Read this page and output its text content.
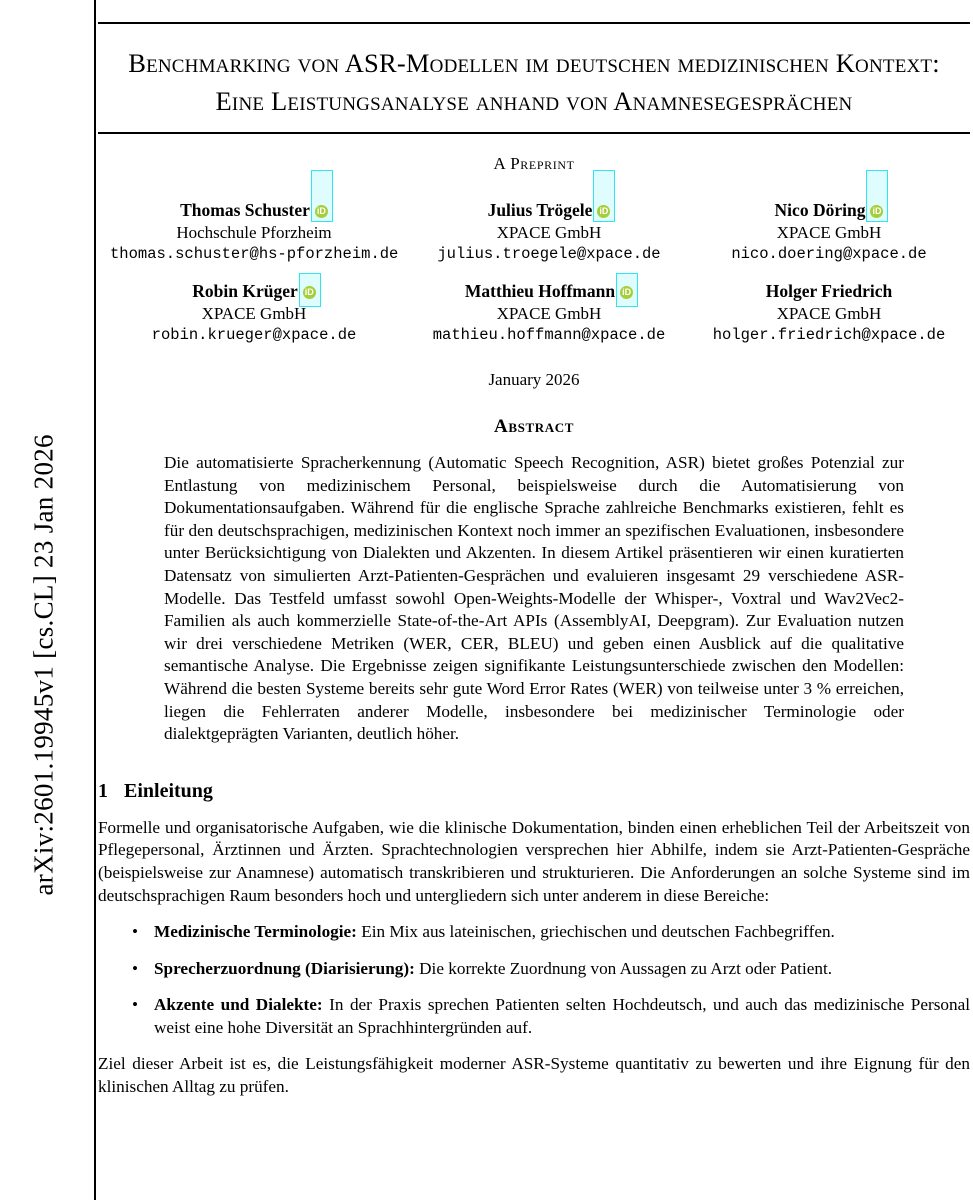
arXiv:2601.19945v1 [cs.CL] 23 Jan 2026
Benchmarking von ASR-Modellen im deutschen medizinischen Kontext: Eine Leistungsanalyse anhand von Anamnesegesprächen
A Preprint
Thomas Schuster
iD
Hochschule Pforzheim
thomas.schuster@hs-pforzheim.de
Julius Trögele
iD
XPACE GmbH
julius.troegele@xpace.de
Nico Döring
iD
XPACE GmbH
nico.doering@xpace.de
Robin Krüger
iD
XPACE GmbH
robin.krueger@xpace.de
Matthieu Hoffmann
iD
XPACE GmbH
mathieu.hoffmann@xpace.de
Holger Friedrich
XPACE GmbH
holger.friedrich@xpace.de
January 2026
Abstract
Die automatisierte Spracherkennung (Automatic Speech Recognition, ASR) bietet großes Potenzial zur Entlastung von medizinischem Personal, beispielsweise durch die Automatisierung von Dokumentationsaufgaben. Während für die englische Sprache zahlreiche Benchmarks existieren, fehlt es für den deutschsprachigen, medizinischen Kontext noch immer an spezifischen Evaluationen, insbesondere unter Berücksichtigung von Dialekten und Akzenten. In diesem Artikel präsentieren wir einen kuratierten Datensatz von simulierten Arzt-Patienten-Gesprächen und evaluieren insgesamt 29 verschiedene ASR-Modelle. Das Testfeld umfasst sowohl Open-Weights-Modelle der Whisper-, Voxtral und Wav2Vec2-Familien als auch kommerzielle State-of-the-Art APIs (AssemblyAI, Deepgram). Zur Evaluation nutzen wir drei verschiedene Metriken (WER, CER, BLEU) und geben einen Ausblick auf die qualitative semantische Analyse. Die Ergebnisse zeigen signifikante Leistungsunterschiede zwischen den Modellen: Während die besten Systeme bereits sehr gute Word Error Rates (WER) von teilweise unter 3 % erreichen, liegen die Fehlerraten anderer Modelle, insbesondere bei medizinischer Terminologie oder dialektgeprägten Varianten, deutlich höher.
1 Einleitung
Formelle und organisatorische Aufgaben, wie die klinische Dokumentation, binden einen erheblichen Teil der Arbeitszeit von Pflegepersonal, Ärztinnen und Ärzten. Sprachtechnologien versprechen hier Abhilfe, indem sie Arzt-Patienten-Gespräche (beispielsweise zur Anamnese) automatisch transkribieren und strukturieren. Die Anforderungen an solche Systeme sind im deutschsprachigen Raum besonders hoch und untergliedern sich unter anderem in diese Bereiche:
• Medizinische Terminologie: Ein Mix aus lateinischen, griechischen und deutschen Fachbegriffen.
• Sprecherzuordnung (Diarisierung): Die korrekte Zuordnung von Aussagen zu Arzt oder Patient.
• Akzente und Dialekte: In der Praxis sprechen Patienten selten Hochdeutsch, und auch das medizinische Personal weist eine hohe Diversität an Sprachhintergründen auf.
Ziel dieser Arbeit ist es, die Leistungsfähigkeit moderner ASR-Systeme quantitativ zu bewerten und ihre Eignung für den klinischen Alltag zu prüfen.
